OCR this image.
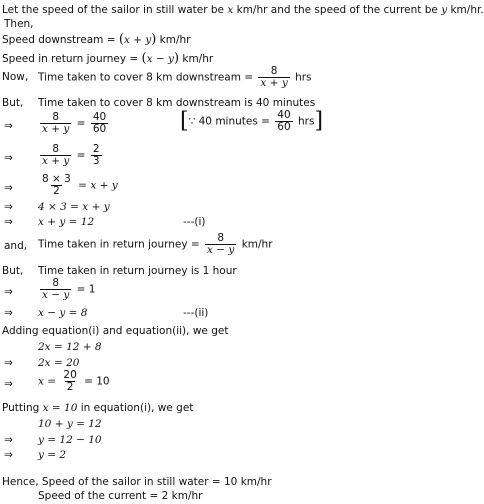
Let the speed of the sailor in still water be x km/hr and the speed of the current be y km/hr.
Then,
Speed downstream = (x + y) km/hr
Speed in return journey = (x − y) km/hr
Now, Time taken to cover 8 km downstream = $\frac{8}{x + y}$ hrs
But, Time taken to cover 8 km downstream is 40 minutes
⇒	$\frac{8}{x + y} = \frac{40}{60}$	[∵ 40 minutes = $\frac{40}{60} hrs$]
⇒	$\frac{8}{x + y} = \frac{2}{3}$
⇒	$\frac{8 \times 3}{2} = x + y$
⇒ 4 × 3 = x + y
⇒ x + y = 12	---(i)
and, Time taken in return journey = $\frac{8}{x - y} km/hr$
But, Time taken in return journey is 1 hour
⇒	$\frac{8}{x - y} = 1$
⇒ x − y = 8	---(ii)
Adding equation(i) and equation(ii), we get
2x = 12 + 8
⇒ 2x = 20
⇒ $x = \frac{20}{2} = 10$
Putting x = 10 in equation(i), we get
10 + y = 12
⇒ y = 12 − 10
⇒ y = 2
Hence, Speed of the sailor in still water = 10 km/hr
Speed of the current = 2 km/hr
